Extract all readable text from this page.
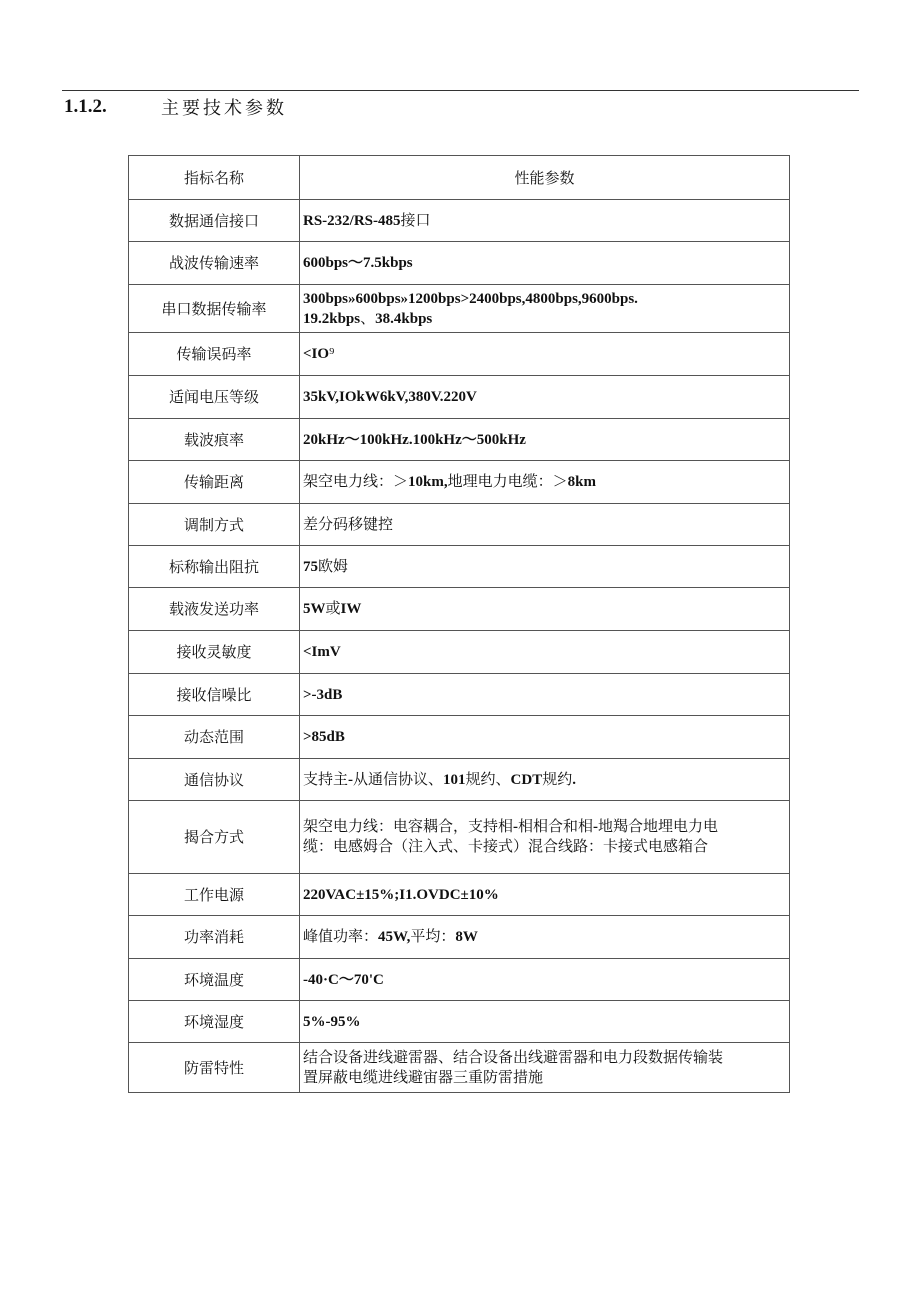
1.1.2.	主要技术参数
指标名称	性能参数
数据通信接口	RS-232/RS-485接口
战波传输速率	600bps～7.5kbps
串口数据传输率	300bps»600bps»1200bps>2400bps,4800bps,9600bps.
19.2kbps、38.4kbps
传输误码率	<IO⁹
适闻电压等级	35kV,IOkW6kV,380V.220V
载波痕率	20kHz～100kHz.100kHz～500kHz
传输距离	架空电力线：＞10km,地理电力电缆：＞8km
调制方式	差分码移键控
标称输出阻抗	75欧姆
载液发送功率	5W或IW
接收灵敏度	<ImV
接收信噪比	>-3dB
动态范围	>85dB
通信协议	支持主-从通信协议、101规约、CDT规约.
揭合方式	架空电力线：电容耦合，支持相-相相合和相-地羯合地埋电力电
缆：电感姆合（注入式、卡接式）混合线路：卡接式电感箱合
工作电源	220VAC±15%;I1.OVDC±10%
功率消耗	峰值功率：45W,平均：8W
环境温度	-40·C～70'C
环境湿度	5%-95%
防雷特性	结合设备进线避雷器、结合设备出线避雷器和电力段数据传输装
置屏蔽电缆进线避宙器三重防雷措施
